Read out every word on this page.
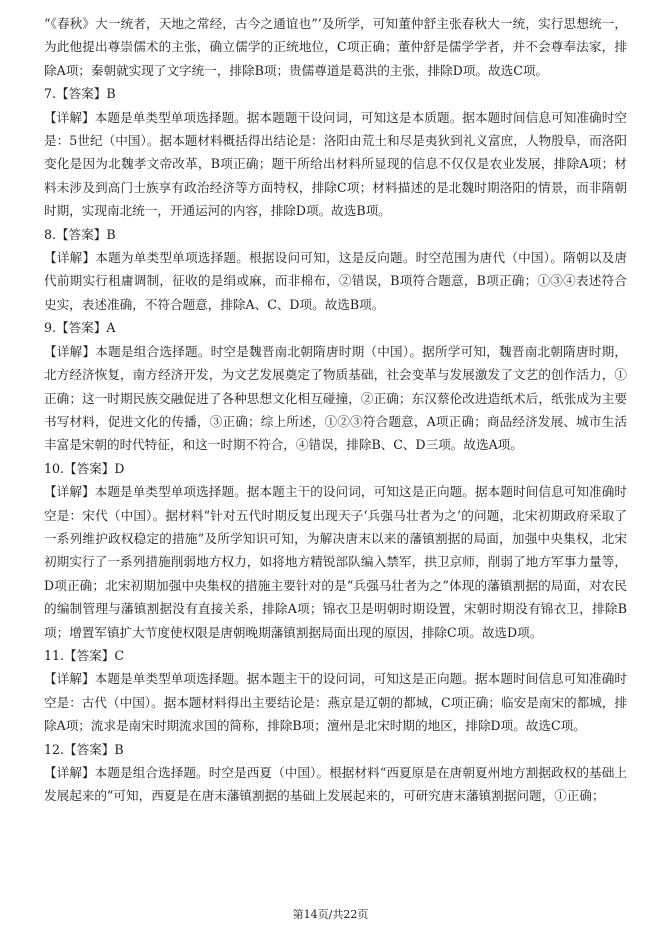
“《春秋》大一统者，天地之常经，古今之通谊也”’及所学，可知董仲舒主张春秋大一统，实行思想统一，为此他提出尊崇儒术的主张，确立儒学的正统地位，C项正确；董仲舒是儒学学者，并不会尊奉法家，排除A项；秦朝就实现了文字统一，排除B项；贵儒尊道是葛洪的主张，排除D项。故选C项。

7.【答案】B

【详解】本题是单类型单项选择题。据本题题干设问词，可知这是本质题。据本题时间信息可知准确时空是：5世纪（中国）。据本题材料概括得出结论是：洛阳由荒土和尽是夷狄到礼义富庶，人物殷阜，而洛阳变化是因为北魏孝文帝改革，B项正确；题干所给出材料所显现的信息不仅仅是农业发展，排除A项；材料未涉及到高门士族享有政治经济等方面特权，排除C项；材料描述的是北魏时期洛阳的情景，而非隋朝时期，实现南北统一，开通运河的内容，排除D项。故选B项。

8.【答案】B

【详解】本题为单类型单项选择题。根据设问可知，这是反向题。时空范围为唐代（中国）。隋朝以及唐代前期实行租庸调制，征收的是绢或麻，而非棉布，②错误，B项符合题意，B项正确；①③④表述符合史实，表述准确，不符合题意，排除A、C、D项。故选B项。

9.【答案】A

【详解】本题是组合选择题。时空是魏晋南北朝隋唐时期（中国）。据所学可知，魏晋南北朝隋唐时期，北方经济恢复，南方经济开发，为文艺发展奠定了物质基础，社会变革与发展激发了文艺的创作活力，①正确；这一时期民族交融促进了各种思想文化相互碰撞，②正确；东汉蔡伦改进造纸术后，纸张成为主要书写材料，促进文化的传播，③正确；综上所述，①②③符合题意，A项正确；商品经济发展、城市生活丰富是宋朝的时代特征，和这一时期不符合，④错误，排除B、C、D三项。故选A项。

10.【答案】D

【详解】本题是单类型单项选择题。据本题主干的设问词，可知这是正向题。据本题时间信息可知准确时空是：宋代（中国）。据材料“针对五代时期反复出现天子‘兵强马壮者为之’的问题，北宋初期政府采取了一系列维护政权稳定的措施”及所学知识可知，为解决唐末以来的藩镇割据的局面，加强中央集权，北宋初期实行了一系列措施削弱地方权力，如将地方精锐部队编入禁军，拱卫京师，削弱了地方军事力量等，D项正确；北宋初期加强中央集权的措施主要针对的是“兵强马壮者为之”体现的藩镇割据的局面，对农民的编制管理与藩镇割据没有直接关系，排除A项；锦衣卫是明朝时期设置，宋朝时期没有锦衣卫，排除B项；增置军镇扩大节度使权限是唐朝晚期藩镇割据局面出现的原因，排除C项。故选D项。

11.【答案】C

【详解】本题是单类型单项选择题。据本题主干的设问词，可知这是正向题。据本题时间信息可知准确时空是：古代（中国）。据本题材料得出主要结论是：燕京是辽朝的都城，C项正确；临安是南宋的都城，排除A项；流求是南宋时期流求国的简称，排除B项；澶州是北宋时期的地区，排除D项。故选C项。

12.【答案】B

【详解】本题是组合选择题。时空是西夏（中国）。根据材料“西夏原是在唐朝夏州地方割据政权的基础上发展起来的”可知，西夏是在唐末藩镇割据的基础上发展起来的，可研究唐末藩镇割据问题，①正确；

第14页/共22页
